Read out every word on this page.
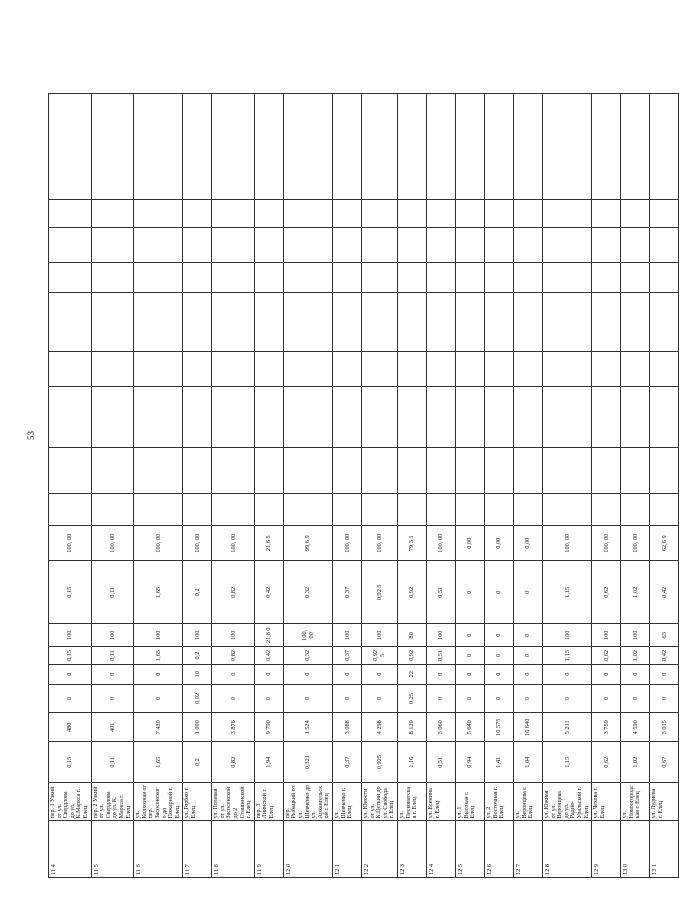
53
11 4	пер. 1 Узкий от ул. Свердлова до ул. К.Маркса г. Елец	0,15	480	0	0	0,15	100	0,15	100, 00									
11 5	пер. 2 Узкий от ул. Свердлова до ул. К. Маркса г. Елец	0,11	401	0	0	0,11	100	0,11	100, 00									
11 6	ул. Колхозная от пер. Засосенского до Пожарной г. Елец	1,65	7 430	0	0	1,65	100	1,65	100, 00									
11 7	ул. Горбко г. Елец	0,2	1 000	0,02	10	0,2	100	0,2	100, 00									
11 8	ул. Полевая от ул. Засосенской до 2 Сташинской г. Елец	0,82	3 876	0	0	0,82	100	0,82	100, 00									
11 9	пер. 3 Лнинской г. Елец	1,94	9 790	0	0	0,42	21,8 0	0,42	21,6 5									
12 0	пер. Рыбацкий от ул. Шевченко до ул. Архангельской г. Елец	0,321	1 524	0	0	0,32	100, 00	0,32	99,6 9									
12 1	ул. Шевченко г. Елец	0,37	3 088	0	0	0,37	100	0,37	100, 00									
12 2	ул. Юности от ул. К.Цеткин до ул. Свобода г. Елец	0,925	4 298	0	0	0,92 5	100	0,92 5	100, 00									
12 3	ул. Песковатская г. Елец	1,16	8 120	0,25	22	0,92	80	0,92	79,3 1									
12 4	ул. Есенина г. Елец	0,51	3 060	0	0	0,51	100	0,51	100, 00									
12 5	ул. 1 Высокая г. Елец	0,94	5 640	0	0	0	0	0	0,00									
12 6	ул. 2 Восточная г. Елец	1,41	10 575	0	0	0	0	0	0,00									
12 7	ул. Веронцева г. Елец	1,04	16 640	0	0	0	0	0	0,00									
12 8	ул. Южная от ул. Веронцева до ул. Радио-Уральской г. Елец	1,15	5 211	0	0	1,15	100	1,15	100, 00									
12 9	ул. Чехова г. Елец	0,62	3 759	0	0	0,62	100	0,62	100, 00									
13 0	ул. Новоогородская г. Елец	1,02	4 590	0	0	1,02	100	1,02	100, 00									
13 1	ул. Лудиева г. Елец	0,67	3 015	0	0	0,42	63	0,42	62,6 9									
